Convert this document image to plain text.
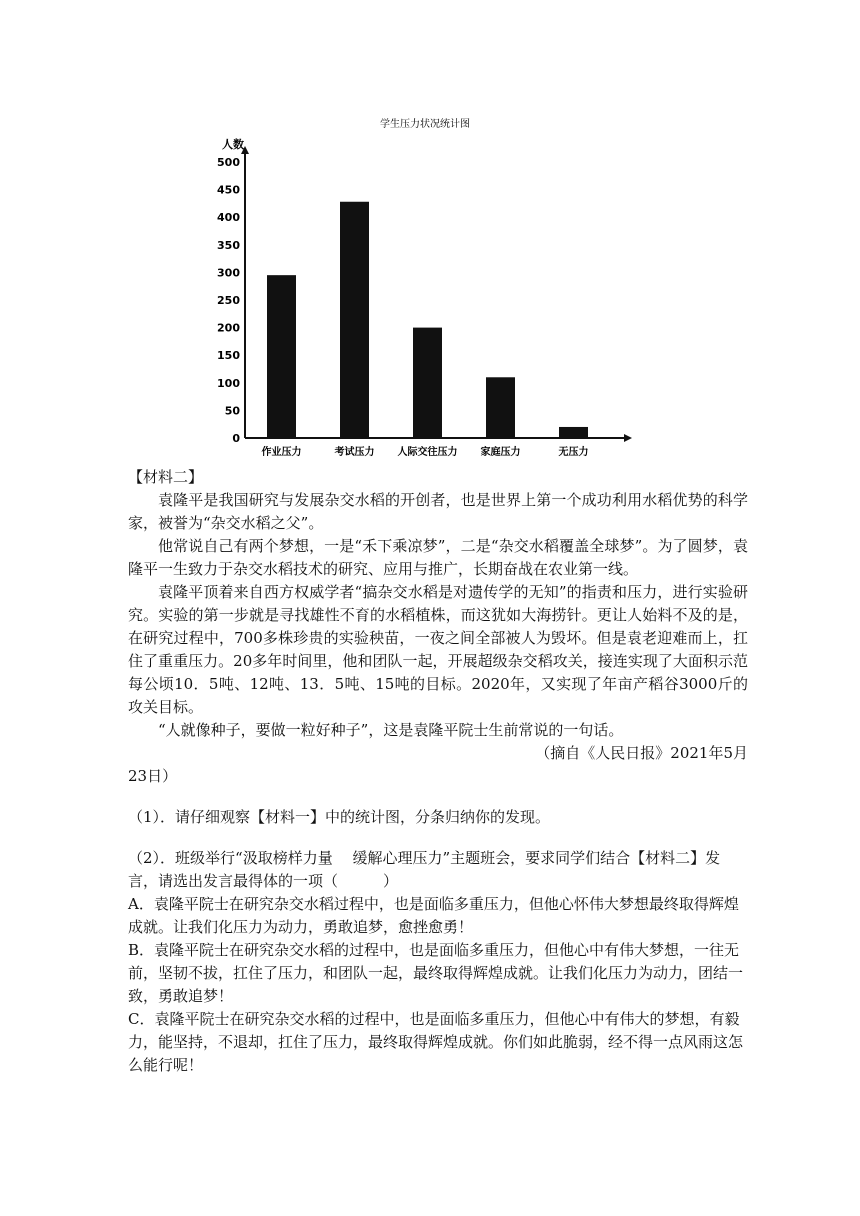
学生压力状况统计图
人数
0
50
100
150
200
250
300
350
400
450
500
作业压力	考试压力 人际交往压力 家庭压力	无压力

【材料二】

袁隆平是我国研究与发展杂交水稻的开创者，也是世界上第一个成功利用水稻优势的科学家，被誉为“杂交水稻之父”。

他常说自己有两个梦想，一是“禾下乘凉梦”，二是“杂交水稻覆盖全球梦”。为了圆梦，袁隆平一生致力于杂交水稻技术的研究、应用与推广，长期奋战在农业第一线。

袁隆平顶着来自西方权威学者“搞杂交水稻是对遗传学的无知”的指责和压力，进行实验研究。实验的第一步就是寻找雄性不育的水稻植株，而这犹如大海捞针。更让人始料不及的是，在研究过程中，700多株珍贵的实验秧苗，一夜之间全部被人为毁坏。但是袁老迎难而上，扛住了重重压力。20多年时间里，他和团队一起，开展超级杂交稻攻关，接连实现了大面积示范每公顷10．5吨、12吨、13．5吨、15吨的目标。2020年，又实现了年亩产稻谷3000斤的攻关目标。

“人就像种子，要做一粒好种子”，这是袁隆平院士生前常说的一句话。

（摘自《人民日报》2021年5月

23日）

（1）．请仔细观察【材料一】中的统计图，分条归纳你的发现。

（2）．班级举行“汲取榜样力量　 缓解心理压力”主题班会，要求同学们结合【材料二】发言，请选出发言最得体的一项（　　　）

A．袁隆平院士在研究杂交水稻过程中，也是面临多重压力，但他心怀伟大梦想最终取得辉煌成就。让我们化压力为动力，勇敢追梦，愈挫愈勇！

B．袁隆平院士在研究杂交水稻的过程中，也是面临多重压力，但他心中有伟大梦想，一往无前，坚韧不拔，扛住了压力，和团队一起，最终取得辉煌成就。让我们化压力为动力，团结一致，勇敢追梦！

C．袁隆平院士在研究杂交水稻的过程中，也是面临多重压力，但他心中有伟大的梦想，有毅力，能坚持，不退却，扛住了压力，最终取得辉煌成就。你们如此脆弱，经不得一点风雨这怎么能行呢！
